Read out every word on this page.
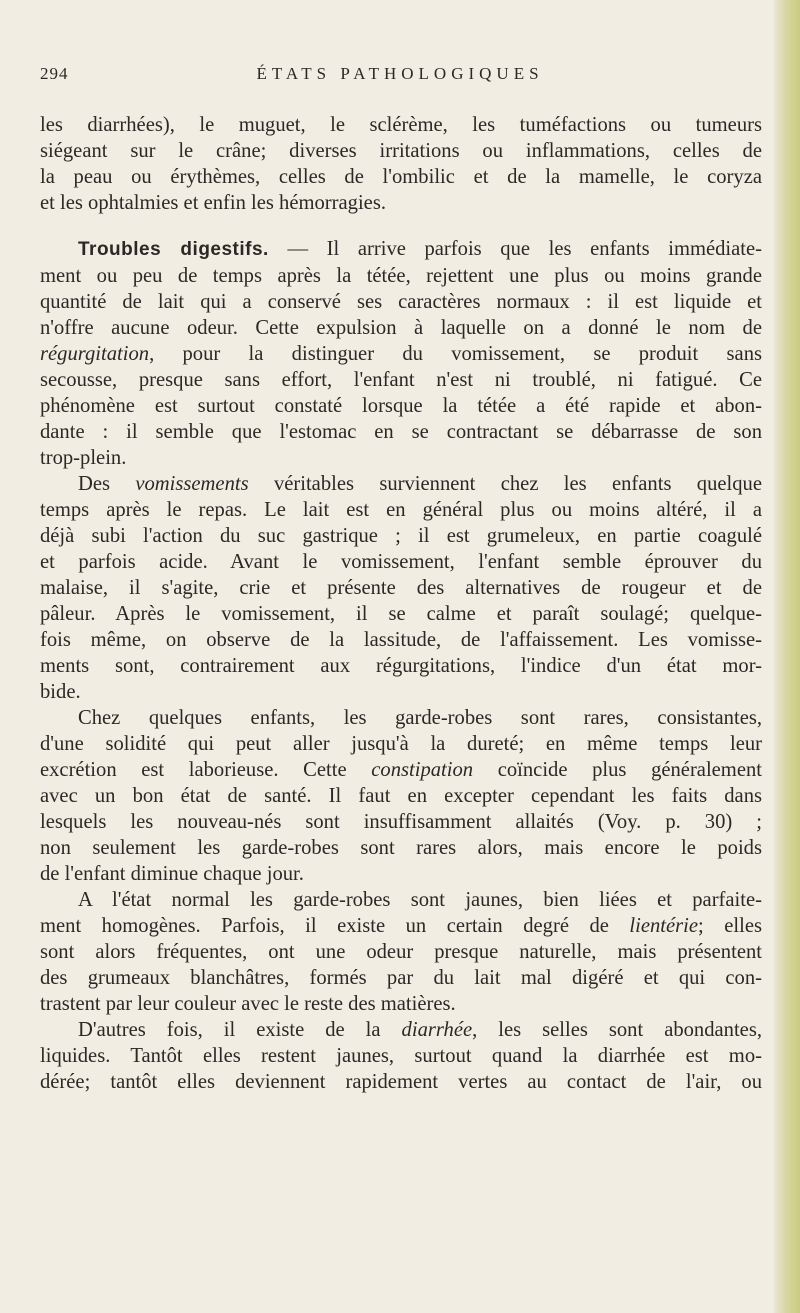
294	ÉTATS PATHOLOGIQUES
les diarrhées), le muguet, le sclérème, les tuméfactions ou tumeurs
siégeant sur le crâne; diverses irritations ou inflammations, celles de
la peau ou érythèmes, celles de l'ombilic et de la mamelle, le coryza
et les ophtalmies et enfin les hémorragies.
Troubles digestifs. — Il arrive parfois que les enfants immédiate-
ment ou peu de temps après la tétée, rejettent une plus ou moins grande
quantité de lait qui a conservé ses caractères normaux : il est liquide et
n'offre aucune odeur. Cette expulsion à laquelle on a donné le nom de
régurgitation, pour la distinguer du vomissement, se produit sans
secousse, presque sans effort, l'enfant n'est ni troublé, ni fatigué. Ce
phénomène est surtout constaté lorsque la tétée a été rapide et abon-
dante : il semble que l'estomac en se contractant se débarrasse de son
trop-plein.
Des vomissements véritables surviennent chez les enfants quelque
temps après le repas. Le lait est en général plus ou moins altéré, il a
déjà subi l'action du suc gastrique ; il est grumeleux, en partie coagulé
et parfois acide. Avant le vomissement, l'enfant semble éprouver du
malaise, il s'agite, crie et présente des alternatives de rougeur et de
pâleur. Après le vomissement, il se calme et paraît soulagé; quelque-
fois même, on observe de la lassitude, de l'affaissement. Les vomisse-
ments sont, contrairement aux régurgitations, l'indice d'un état mor-
bide.
Chez quelques enfants, les garde-robes sont rares, consistantes,
d'une solidité qui peut aller jusqu'à la dureté; en même temps leur
excrétion est laborieuse. Cette constipation coïncide plus généralement
avec un bon état de santé. Il faut en excepter cependant les faits dans
lesquels les nouveau-nés sont insuffisamment allaités (Voy. p. 30) ;
non seulement les garde-robes sont rares alors, mais encore le poids
de l'enfant diminue chaque jour.
A l'état normal les garde-robes sont jaunes, bien liées et parfaite-
ment homogènes. Parfois, il existe un certain degré de lientérie; elles
sont alors fréquentes, ont une odeur presque naturelle, mais présentent
des grumeaux blanchâtres, formés par du lait mal digéré et qui con-
trastent par leur couleur avec le reste des matières.
D'autres fois, il existe de la diarrhée, les selles sont abondantes,
liquides. Tantôt elles restent jaunes, surtout quand la diarrhée est mo-
dérée; tantôt elles deviennent rapidement vertes au contact de l'air, ou
